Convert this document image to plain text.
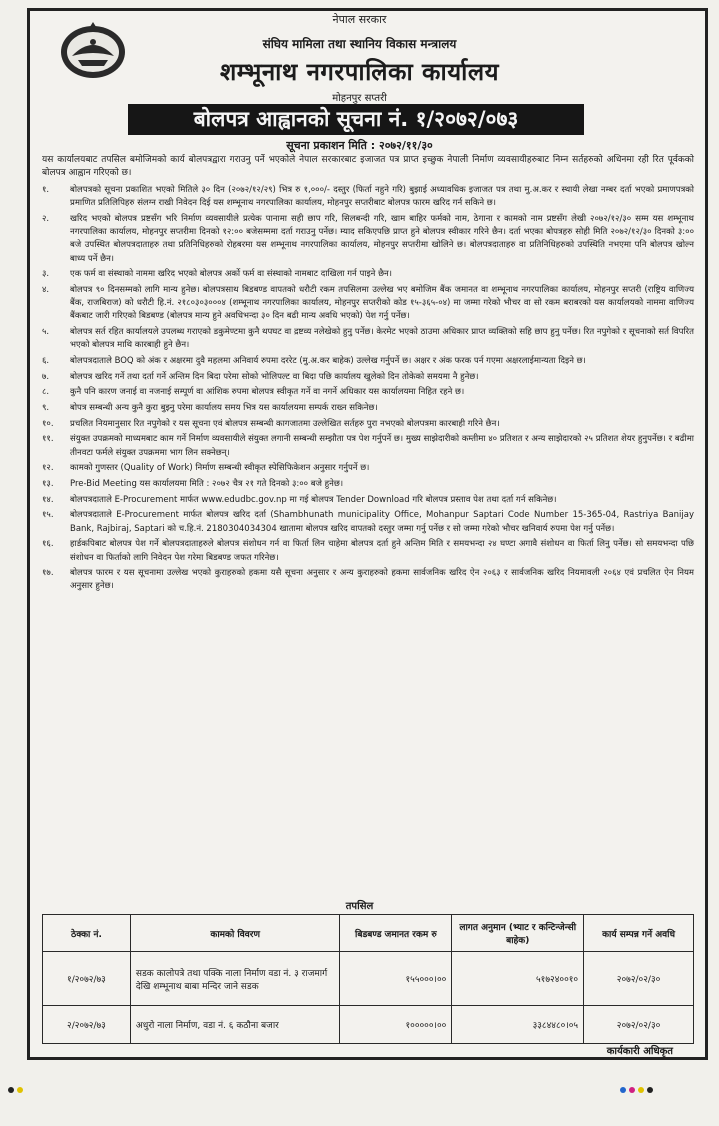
नेपाल सरकार
संघिय मामिला तथा स्थानिय विकास मन्त्रालय
शम्भूनाथ नगरपालिका कार्यालय
मोहनपुर सप्तरी
बोलपत्र आह्वानको सूचना नं. १/२०७२/०७३
सूचना प्रकाशन मिति : २०७२/११/३०
यस कार्यालयबाट तपसिल बमोजिमको कार्य बोलपत्रद्वारा गराउनु पर्ने भएकोले नेपाल सरकारबाट इजाजत पत्र प्राप्त इच्छुक नेपाली निर्माण व्यवसायीहरुबाट निम्न सर्तहरुको अधिनमा रही रित पूर्वकको बोलपत्र आह्वान गरिएको छ।
१.	बोलपत्रको सूचना प्रकाशित भएको मितिले ३० दिन (२०७२/१२/२९) भित्र रु १,०००/- दस्तुर (फिर्ता नहुने गरि) बुझाई अध्यावधिक इजाजत पत्र तथा मु.अ.कर र स्थायी लेखा नम्बर दर्ता भएको प्रमाणपत्रको प्रमाणित प्रतिलिपिहरु संलग्न राखी निवेदन दिई यस शम्भूनाथ नगरपालिका कार्यालय, मोहनपुर सप्तरीबाट बोलपत्र फारम खरिद गर्न सकिने छ।
२.	खरिद भएको बोलपत्र प्रष्टसँग भरि निर्माण व्यवसायीले प्रत्येक पानामा सही छाप गरि, सिलबन्दी गरि, खाम बाहिर फर्मको नाम, ठेगाना र कामको नाम प्रष्टसँग लेखी २०७२/१२/३० सम्म यस शम्भूनाथ नगरपालिका कार्यालय, मोहनपुर सप्तरीमा दिनको १२:०० बजेसम्ममा दर्ता गराउनु पर्नेछ। म्याद सकिएपछि प्राप्त हुने बोलपत्र स्वीकार गरिने छैन। दर्ता भएका बोपत्रहरु सोही मिति २०७२/१२/३० दिनको ३:०० बजे उपस्थित बोलपत्रदाताहरु तथा प्रतिनिधिहरुको रोहबरमा यस शम्भूनाथ नगरपालिका कार्यालय, मोहनपुर सप्तरीमा खोलिने छ। बोलपत्रदाताहरु वा प्रतिनिधिहरुको उपस्थिति नभएमा पनि बोलपत्र खोल्न बाध्य पर्ने छैन।
३.	एक फर्म वा संस्थाको नाममा खरिद भएको बोलपत्र अर्को फर्म वा संस्थाको नामबाट दाखिला गर्न पाइने छैन।
४.	बोलपत्र ९० दिनसम्मको लागि मान्य हुनेछ। बोलपत्रसाथ बिडबण्ड वापतको धरौटी रकम तपसिलमा उल्लेख भए बमोजिम बैंक जमानत वा शम्भूनाथ नगरपालिका कार्यालय, मोहनपुर सप्तरी (राष्ट्रिय वाणिज्य बैंक, राजबिराज) को धरौटी हि.नं. २१८०३०३०००४ (शम्भूनाथ नगरपालिका कार्यालय, मोहनपुर सप्तरीको कोड १५-३६५-०४) मा जम्मा गरेको भौचर वा सो रकम बराबरको यस कार्यालयको नाममा वाणिज्य बैंकबाट जारी गरिएको बिडबण्ड (बोलपत्र मान्य हुने अवधिभन्दा ३० दिन बढी मान्य अवधि भएको) पेश गर्नु पर्नेछ।
५.	बोलपत्र सर्त रहित कार्यालयले उपलब्ध गराएको डकुमेण्टमा कुनै थपघट वा द्रष्टव्य नलेखेको हुनु पर्नेछ। केरमेट भएको ठाउमा अधिकार प्राप्त व्यक्तिको सहि छाप हुनु पर्नेछ। रित नपुगेको र सूचनाको सर्त विपरित भएको बोलपत्र माथि कारबाही हुने छैन।
६.	बोलपत्रदाताले BOQ को अंक र अक्षरमा दुवै महलमा अनिवार्य रुपमा दररेट (मु.अ.कर बाहेक) उल्लेख गर्नुपर्ने छ। अक्षर र अंक फरक पर्न गएमा अक्षरलाईमान्यता दिइने छ।
७.	बोलपत्र खरिद गर्ने तथा दर्ता गर्ने अन्तिम दिन बिदा परेमा सोको भोलिपल्ट वा बिदा पछि कार्यालय खुलेको दिन तोकेको समयमा नै हुनेछ।
८.	कुनै पनि कारण जनाई वा नजनाई सम्पूर्ण वा आंशिक रुपमा बोलपत्र स्वीकृत गर्ने वा नगर्ने अधिकार यस कार्यालयमा निहित रहने छ।
९.	बोपत्र सम्बन्धी अन्य कुनै कुरा बुझ्नु परेमा कार्यालय समय भित्र यस कार्यालयमा सम्पर्क राख्न सकिनेछ।
१०.	प्रचलित नियमानुसार रित नपुगेको र यस सूचना एवं बोलपत्र सम्बन्धी कागजातमा उल्लेखित सर्तहरु पुरा नभएको बोलपत्रमा कारबाही गरिने छैन।
११.	संयुक्त उपक्रमको माध्यमबाट काम गर्ने निर्माण व्यवसायीले संयुक्त लगानी सम्बन्धी सम्झौता पत्र पेश गर्नुपर्ने छ। मुख्य साझेदारीको कम्तीमा ४० प्रतिशत र अन्य साझेदारको २५ प्रतिशत शेयर हुनुपर्नेछ। र बढीमा तीनवटा फर्मले संयुक्त उपक्रममा भाग लिन सक्नेछन्।
१२.	कामको गुणस्तर (Quality of Work) निर्माण सम्बन्धी स्वीकृत स्पेसिफिकेशन अनुसार गर्नुपर्ने छ।
१३.	Pre-Bid Meeting यस कार्यालयमा मिति : २०७२ चैत्र २१ गते दिनको ३:०० बजे हुनेछ।
१४.	बोलपत्रदाताले E-Procurement मार्फत www.edudbc.gov.np मा गई बोलपत्र Tender Download गरि बोलपत्र प्रस्ताव पेश तथा दर्ता गर्न सकिनेछ।
१५.	बोलपत्रदाताले E-Procurement मार्फत बोलपत्र खरिद दर्ता (Shambhunath municipality Office, Mohanpur Saptari Code Number 15-365-04, Rastriya Banijay Bank, Rajbiraj, Saptari को च.हि.नं. 2180304034304 खातामा बोलपत्र खरिद वापतको दस्तुर जम्मा गर्नु पर्नेछ र सो जम्मा गरेको भौचर खनिवार्य रुपमा पेश गर्नु पर्नेछ।
१६.	हार्डकपिबाट बोलपत्र पेश गर्ने बोलपत्रदाताहरुले बोलपत्र संशोधन गर्न वा फिर्ता लिन चाहेमा बोलपत्र दर्ता हुने अन्तिम मिति र समयभन्दा २४ घण्टा अगावै संशोधन वा फिर्ता लिनु पर्नेछ। सो समयभन्दा पछि संशोधन वा फिर्ताको लागि निवेदन पेश गरेमा बिडबण्ड जफत गरिनेछ।
१७.	बोलपत्र फारम र यस सूचनामा उल्लेख भएको कुराहरुको हकमा यसै सूचना अनुसार र अन्य कुराहरुको हकमा सार्वजनिक खरिद ऐन २०६३ र सार्वजनिक खरिद नियमावली २०६४ एवं प्रचलित ऐन नियम अनुसार हुनेछ।
तपसिल
ठेक्का नं.	कामको विवरण	बिडबण्ड जमानत रकम रु	लागत अनुमान (भ्याट र कन्टिन्जेन्सी बाहेक)	कार्य सम्पन्न गर्ने अवधि
१/२०७२/७३	सडक कालोपत्रे तथा पक्कि नाला निर्माण वडा नं. ३ राजमार्ग देखि शम्भूनाथ बाबा मन्दिर जाने सडक	१५५०००।००	५१७२४००१०	२०७२/०२/३०
२/२०७२/७३	अधुरो नाला निर्माण, वडा नं. ६ कठौना बजार	१०००००।००	३३८४४८०।०५	२०७२/०२/३०
कार्यकारी अधिकृत
